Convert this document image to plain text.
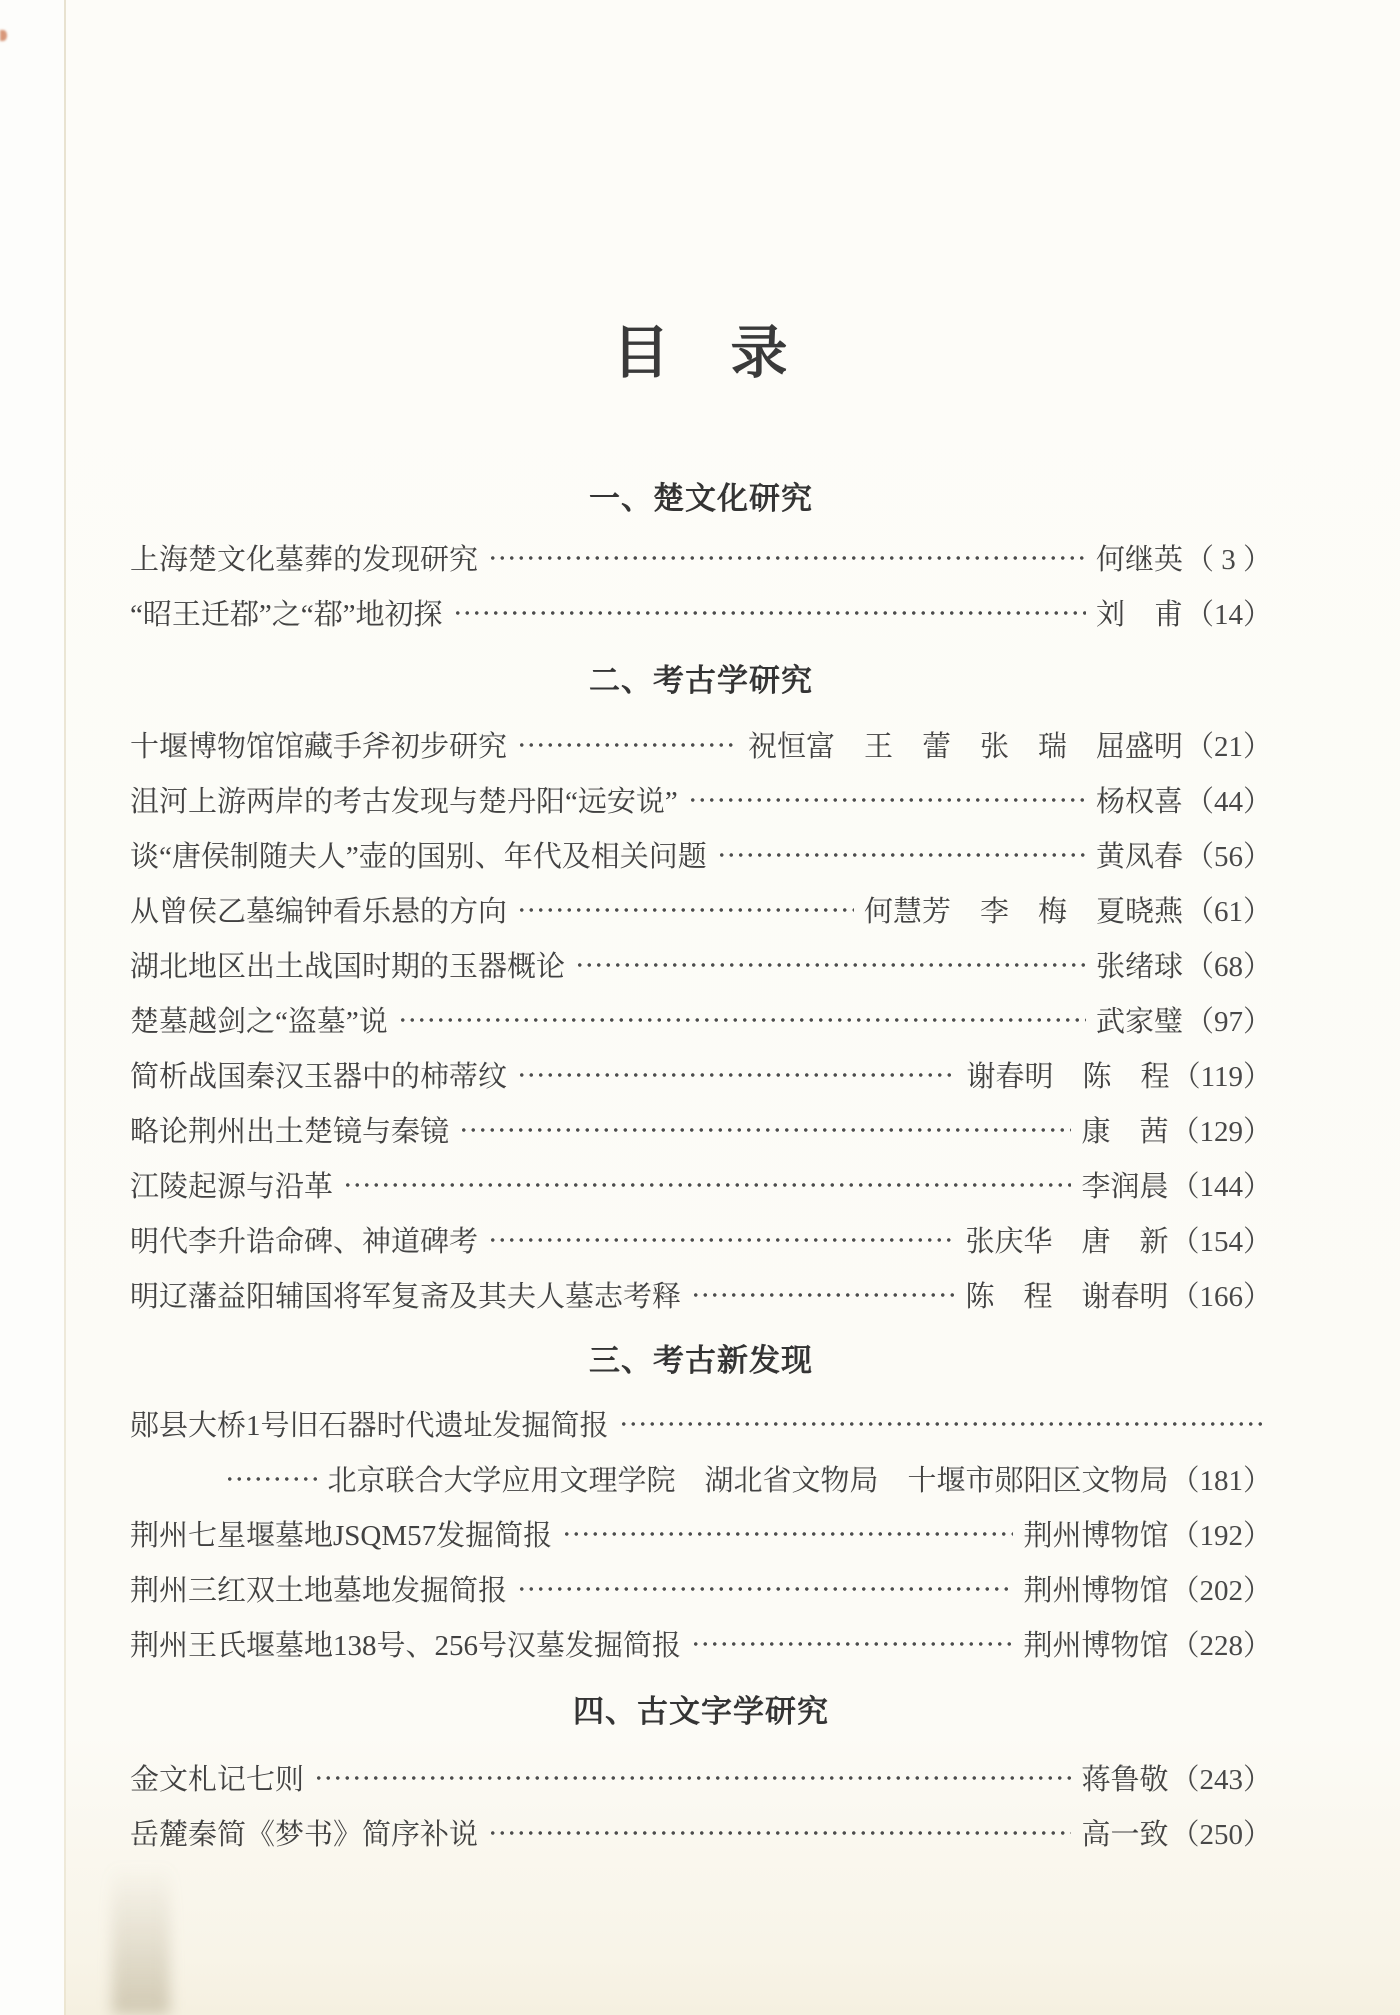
目　录
一、楚文化研究
上海楚文化墓葬的发现研究	何继英 （ 3 ）
“昭王迁鄀”之“鄀”地初探	刘　甫 （14）
二、考古学研究
十堰博物馆馆藏手斧初步研究	祝恒富　王　蕾　张　瑞　屈盛明 （21）
沮河上游两岸的考古发现与楚丹阳“远安说”	杨权喜 （44）
谈“唐侯制随夫人”壶的国别、年代及相关问题	黄凤春 （56）
从曾侯乙墓编钟看乐悬的方向	何慧芳　李　梅　夏晓燕 （61）
湖北地区出土战国时期的玉器概论	张绪球 （68）
楚墓越剑之“盗墓”说	武家璧 （97）
简析战国秦汉玉器中的柿蒂纹	谢春明　陈　程 （119）
略论荆州出土楚镜与秦镜	康　茜 （129）
江陵起源与沿革	李润晨 （144）
明代李升诰命碑、神道碑考	张庆华　唐　新 （154）
明辽藩益阳辅国将军复斋及其夫人墓志考释	陈　程　谢春明 （166）
三、考古新发现
郧县大桥1号旧石器时代遗址发掘简报
北京联合大学应用文理学院　湖北省文物局　十堰市郧阳区文物局 （181）
荆州七星堰墓地JSQM57发掘简报	荆州博物馆 （192）
荆州三红双土地墓地发掘简报	荆州博物馆 （202）
荆州王氏堰墓地138号、256号汉墓发掘简报	荆州博物馆 （228）
四、古文字学研究
金文札记七则	蒋鲁敬 （243）
岳麓秦简《梦书》简序补说	高一致 （250）
